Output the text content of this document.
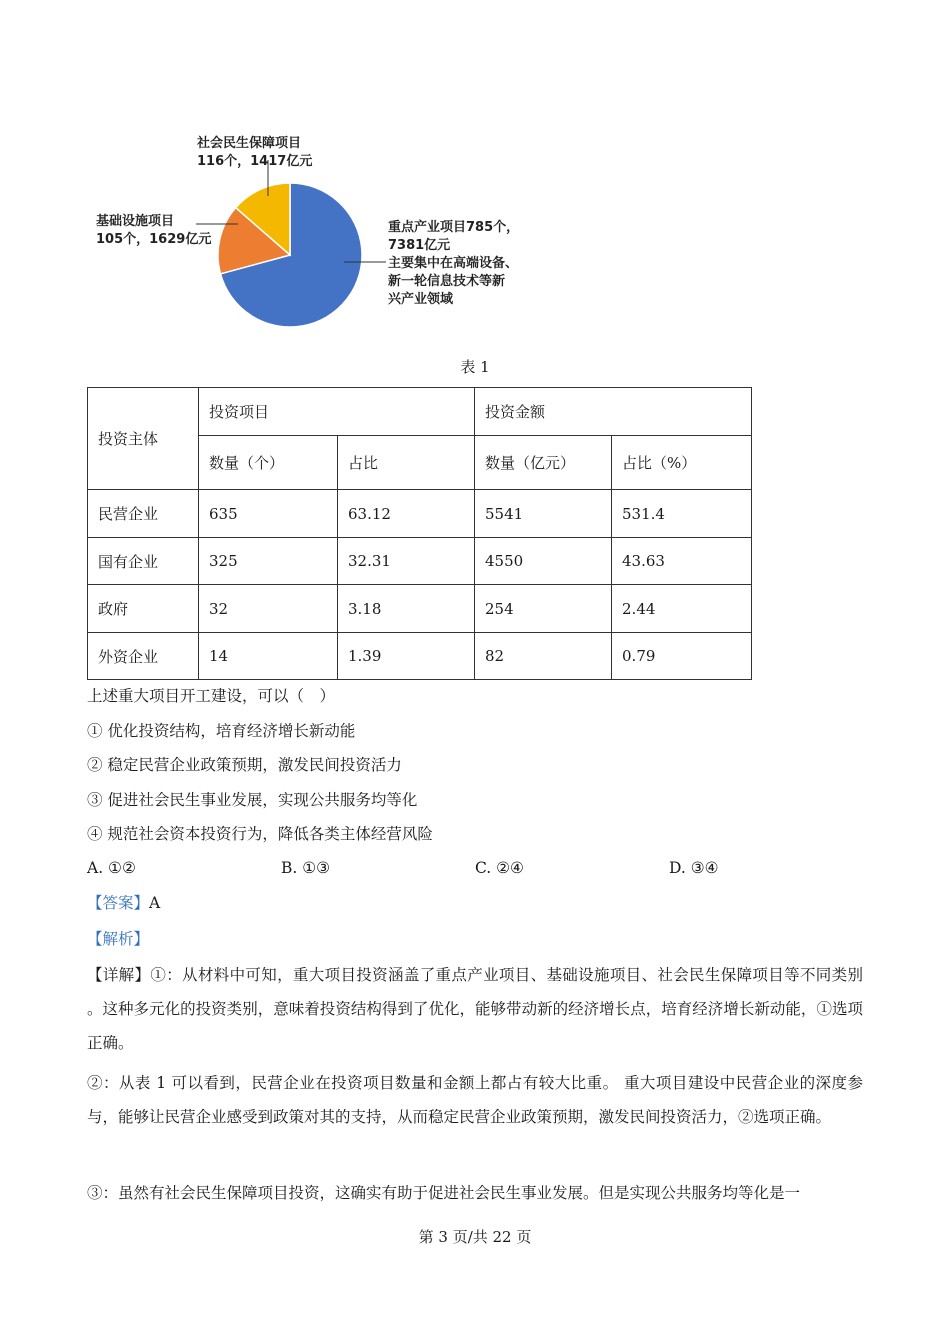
社会民生保障项目
116个，1417亿元
基础设施项目
105个，1629亿元
重点产业项目785个，
7381亿元
主要集中在高端设备、
新一轮信息技术等新
兴产业领域
表 1
投资主体	投资项目		投资金额	
	数量（个）	占比	数量（亿元）	占比（%）
民营企业	635	63.12	5541	531.4
国有企业	325	32.31	4550	43.63
政府	32	3.18	254	2.44
外资企业	14	1.39	82	0.79
上述重大项目开工建设，可以（　）
① 优化投资结构，培育经济增长新动能
② 稳定民营企业政策预期，激发民间投资活力
③ 促进社会民生事业发展，实现公共服务均等化
④ 规范社会资本投资行为，降低各类主体经营风险
A. ①②	B. ①③	C. ②④	D. ③④
【答案】A
【解析】
【详解】①：从材料中可知，重大项目投资涵盖了重点产业项目、基础设施项目、社会民生保障项目等不同类别 。这种多元化的投资类别，意味着投资结构得到了优化，能够带动新的经济增长点，培育经济增长新动能，①选项正确。
②：从表 1 可以看到，民营企业在投资项目数量和金额上都占有较大比重。 重大项目建设中民营企业的深度参与，能够让民营企业感受到政策对其的支持，从而稳定民营企业政策预期，激发民间投资活力，②选项正确。
③：虽然有社会民生保障项目投资，这确实有助于促进社会民生事业发展。但是实现公共服务均等化是一
第 3 页/共 22 页
